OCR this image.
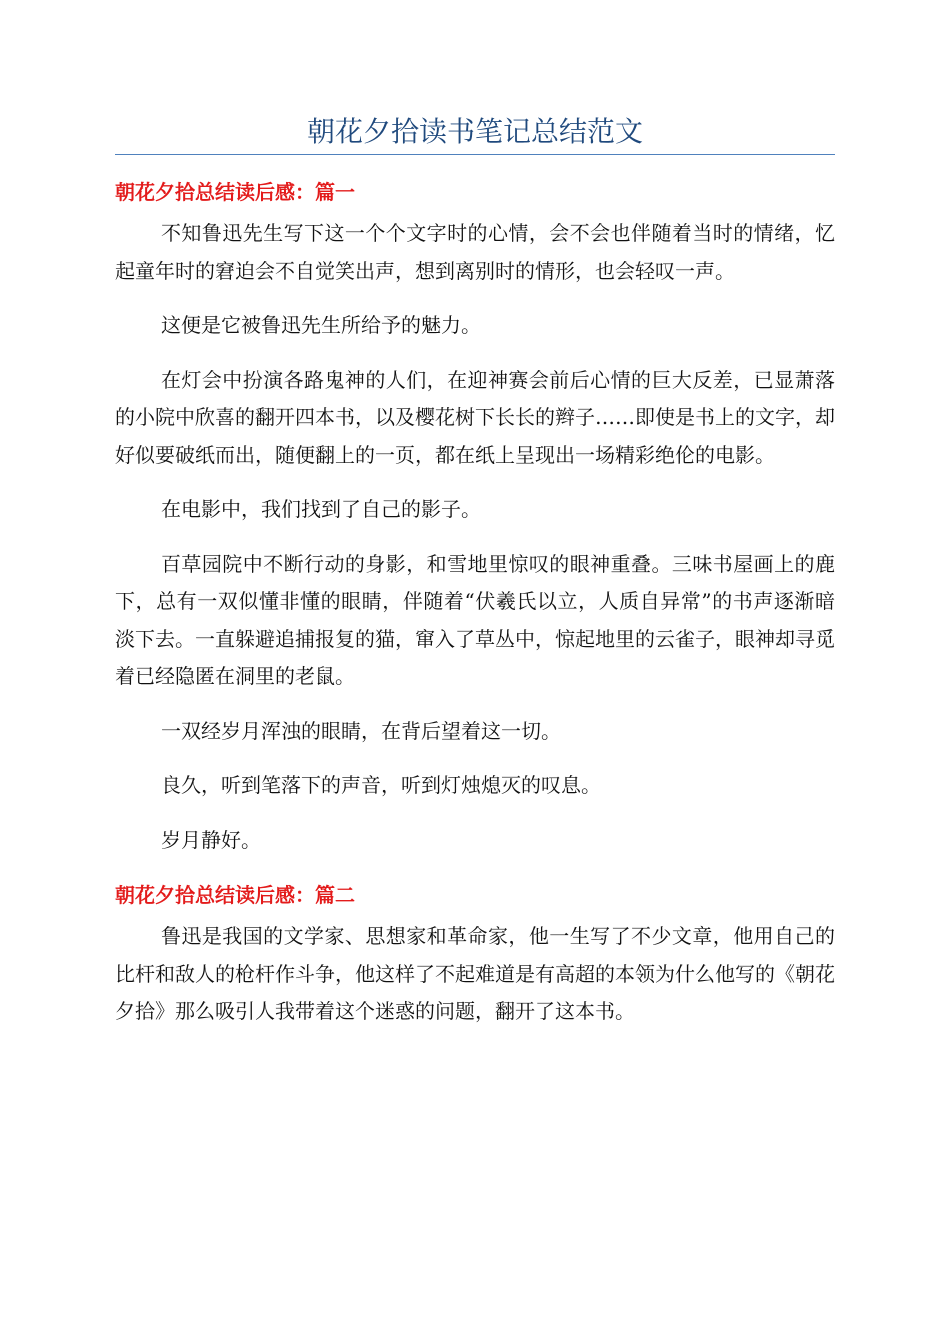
朝花夕拾读书笔记总结范文
朝花夕拾总结读后感：篇一

不知鲁迅先生写下这一个个文字时的心情，会不会也伴随着当时的情绪，忆起童年时的窘迫会不自觉笑出声，想到离别时的情形，也会轻叹一声。

这便是它被鲁迅先生所给予的魅力。

在灯会中扮演各路鬼神的人们，在迎神赛会前后心情的巨大反差，已显萧落的小院中欣喜的翻开四本书，以及樱花树下长长的辫子……即使是书上的文字，却好似要破纸而出，随便翻上的一页，都在纸上呈现出一场精彩绝伦的电影。

在电影中，我们找到了自己的影子。

百草园院中不断行动的身影，和雪地里惊叹的眼神重叠。三味书屋画上的鹿下，总有一双似懂非懂的眼睛，伴随着“伏羲氏以立，人质自异常”的书声逐渐暗淡下去。一直躲避追捕报复的猫，窜入了草丛中，惊起地里的云雀子，眼神却寻觅着已经隐匿在洞里的老鼠。

一双经岁月浑浊的眼睛，在背后望着这一切。

良久，听到笔落下的声音，听到灯烛熄灭的叹息。

岁月静好。

朝花夕拾总结读后感：篇二

鲁迅是我国的文学家、思想家和革命家，他一生写了不少文章，他用自己的比杆和敌人的枪杆作斗争，他这样了不起难道是有高超的本领为什么他写的《朝花夕拾》那么吸引人我带着这个迷惑的问题，翻开了这本书。
